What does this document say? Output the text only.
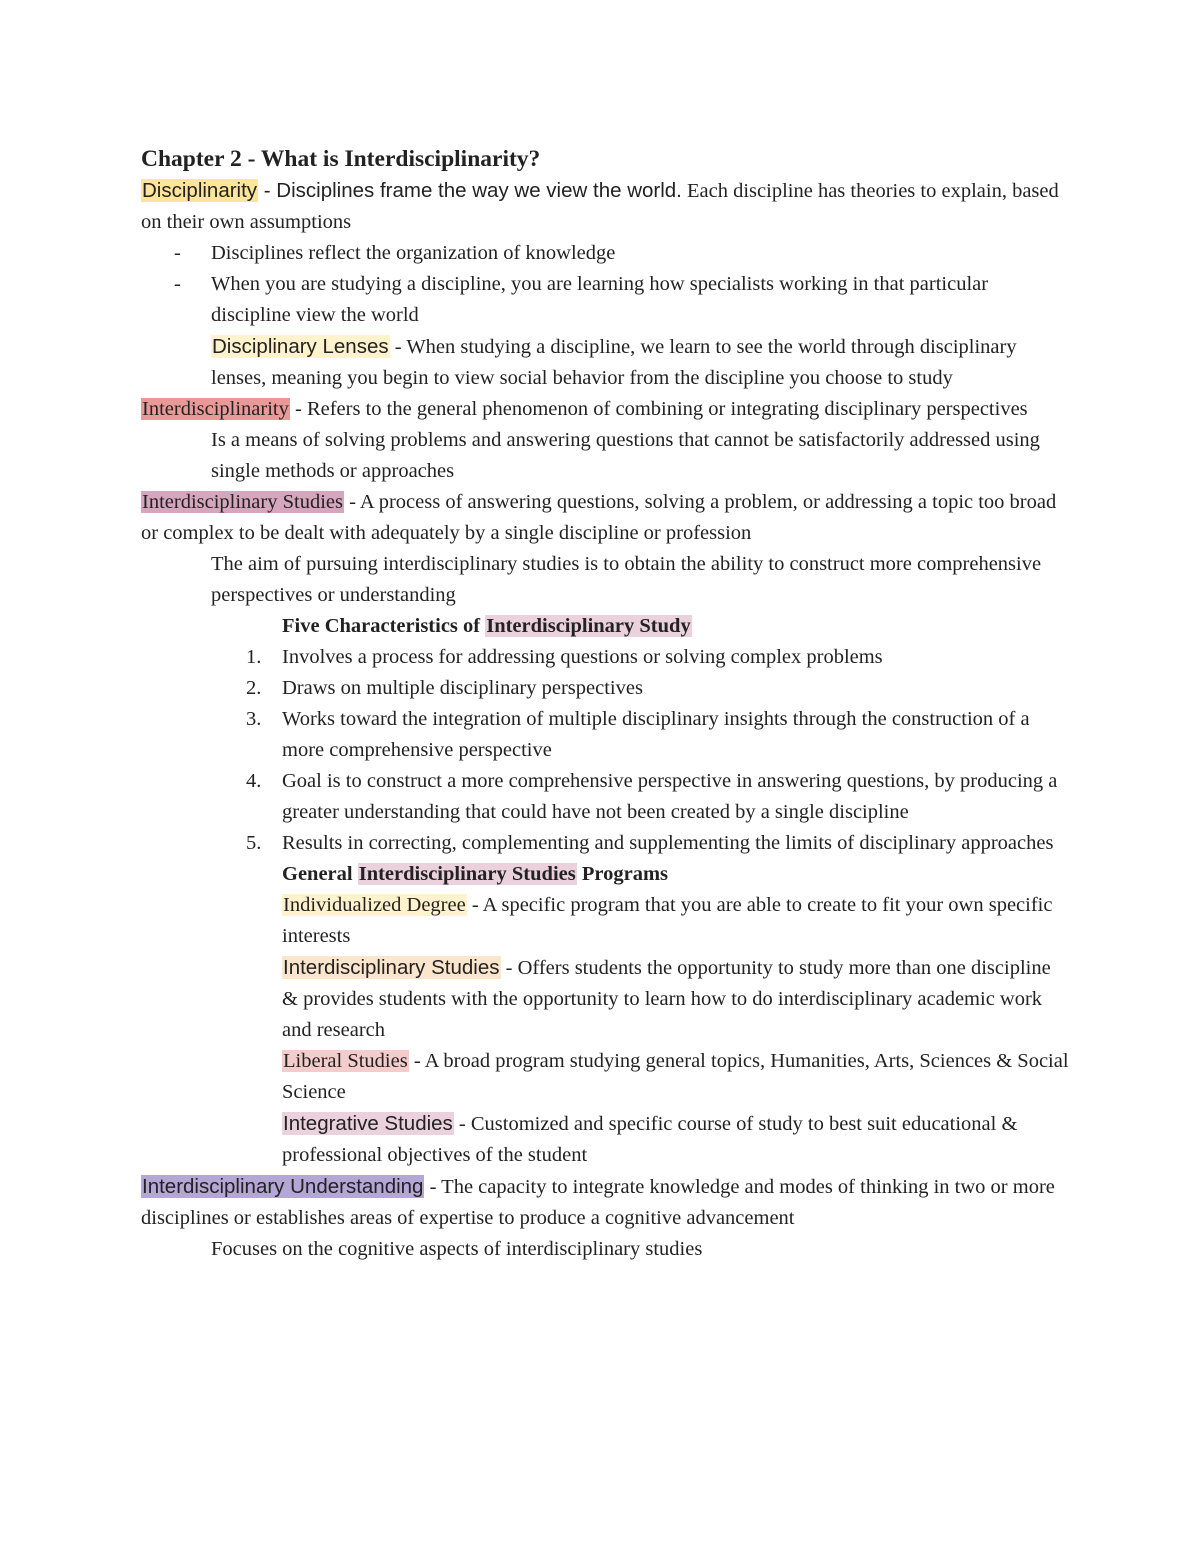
Chapter 2 - What is Interdisciplinarity?

Disciplinarity - Disciplines frame the way we view the world. Each discipline has theories to explain, based on their own assumptions

-	Disciplines reflect the organization of knowledge
-	When you are studying a discipline, you are learning how specialists working in that particular discipline view the world

Disciplinary Lenses - When studying a discipline, we learn to see the world through disciplinary lenses, meaning you begin to view social behavior from the discipline you choose to study

Interdisciplinarity - Refers to the general phenomenon of combining or integrating disciplinary perspectives

Is a means of solving problems and answering questions that cannot be satisfactorily addressed using single methods or approaches

Interdisciplinary Studies - A process of answering questions, solving a problem, or addressing a topic too broad or complex to be dealt with adequately by a single discipline or profession

The aim of pursuing interdisciplinary studies is to obtain the ability to construct more comprehensive perspectives or understanding

Five Characteristics of Interdisciplinary Study

1.	Involves a process for addressing questions or solving complex problems
2.	Draws on multiple disciplinary perspectives
3.	Works toward the integration of multiple disciplinary insights through the construction of a more comprehensive perspective
4.	Goal is to construct a more comprehensive perspective in answering questions, by producing a greater understanding that could have not been created by a single discipline
5.	Results in correcting, complementing and supplementing the limits of disciplinary approaches

General Interdisciplinary Studies Programs

Individualized Degree - A specific program that you are able to create to fit your own specific interests

Interdisciplinary Studies - Offers students the opportunity to study more than one discipline & provides students with the opportunity to learn how to do interdisciplinary academic work and research

Liberal Studies - A broad program studying general topics, Humanities, Arts, Sciences & Social Science

Integrative Studies - Customized and specific course of study to best suit educational & professional objectives of the student

Interdisciplinary Understanding - The capacity to integrate knowledge and modes of thinking in two or more disciplines or establishes areas of expertise to produce a cognitive advancement

Focuses on the cognitive aspects of interdisciplinary studies
